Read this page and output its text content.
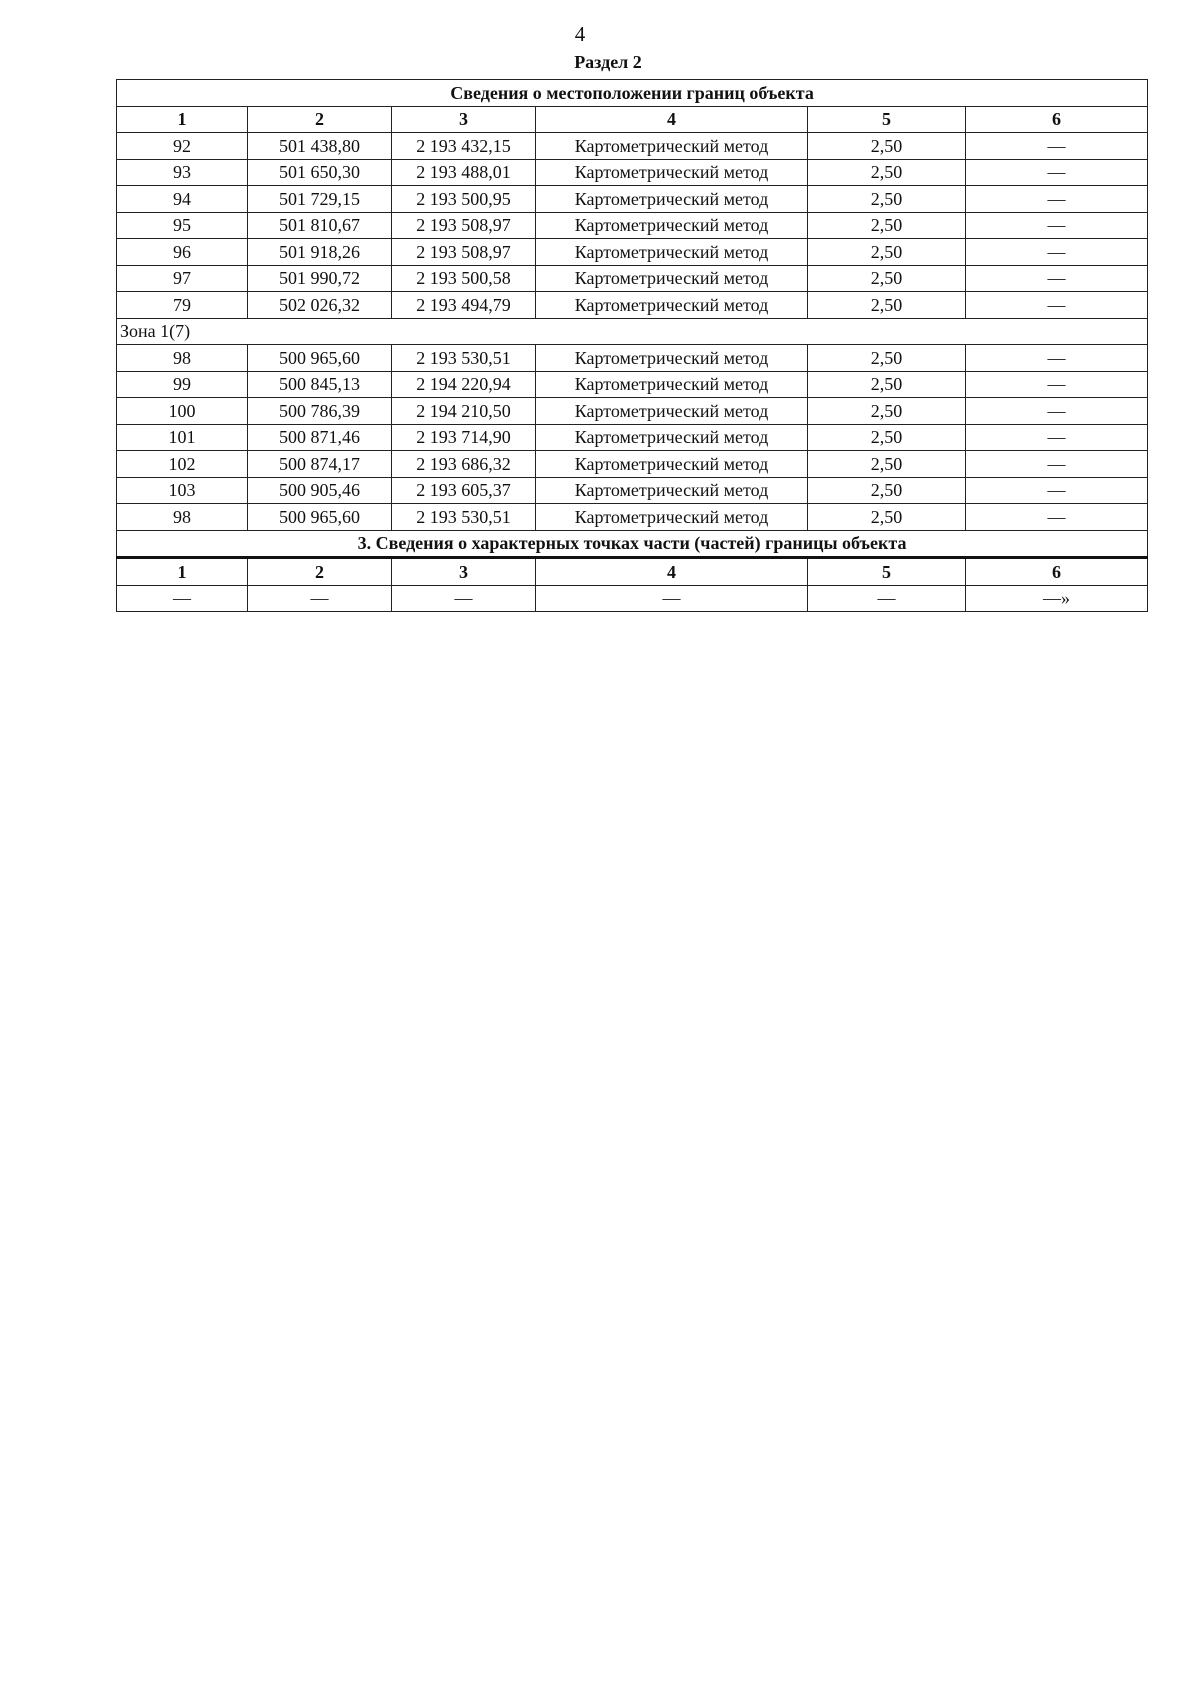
4
Раздел 2
Сведения о местоположении границ объекта					
1	2	3	4	5	6
92	501 438,80	2 193 432,15	Картометрический метод	2,50	—
93	501 650,30	2 193 488,01	Картометрический метод	2,50	—
94	501 729,15	2 193 500,95	Картометрический метод	2,50	—
95	501 810,67	2 193 508,97	Картометрический метод	2,50	—
96	501 918,26	2 193 508,97	Картометрический метод	2,50	—
97	501 990,72	2 193 500,58	Картометрический метод	2,50	—
79	502 026,32	2 193 494,79	Картометрический метод	2,50	—
Зона 1(7)					
98	500 965,60	2 193 530,51	Картометрический метод	2,50	—
99	500 845,13	2 194 220,94	Картометрический метод	2,50	—
100	500 786,39	2 194 210,50	Картометрический метод	2,50	—
101	500 871,46	2 193 714,90	Картометрический метод	2,50	—
102	500 874,17	2 193 686,32	Картометрический метод	2,50	—
103	500 905,46	2 193 605,37	Картометрический метод	2,50	—
98	500 965,60	2 193 530,51	Картометрический метод	2,50	—
3. Сведения о характерных точках части (частей) границы объекта					
1	2	3	4	5	6
—	—	—	—	—	—»
